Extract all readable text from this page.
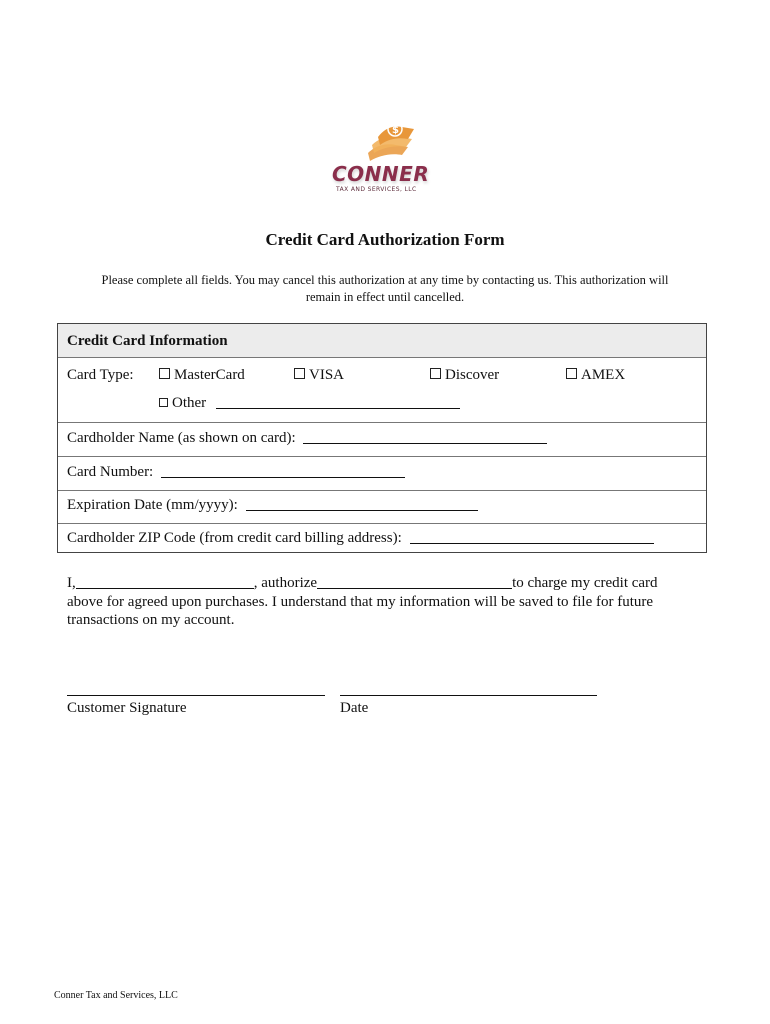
$
CONNER
TAX AND SERVICES, LLC
Credit Card Authorization Form
Please complete all fields. You may cancel this authorization at any time by contacting us. This authorization will
remain in effect until cancelled.
Credit Card Information
Card Type:	MasterCard	VISA	Discover	AMEX
Other
Cardholder Name (as shown on card):
Card Number:
Expiration Date (mm/yyyy):
Cardholder ZIP Code (from credit card billing address):
I,	, authorize	to charge my credit card
above for agreed upon purchases. I understand that my information will be saved to file for future
transactions on my account.
Customer Signature	Date
Conner Tax and Services, LLC
